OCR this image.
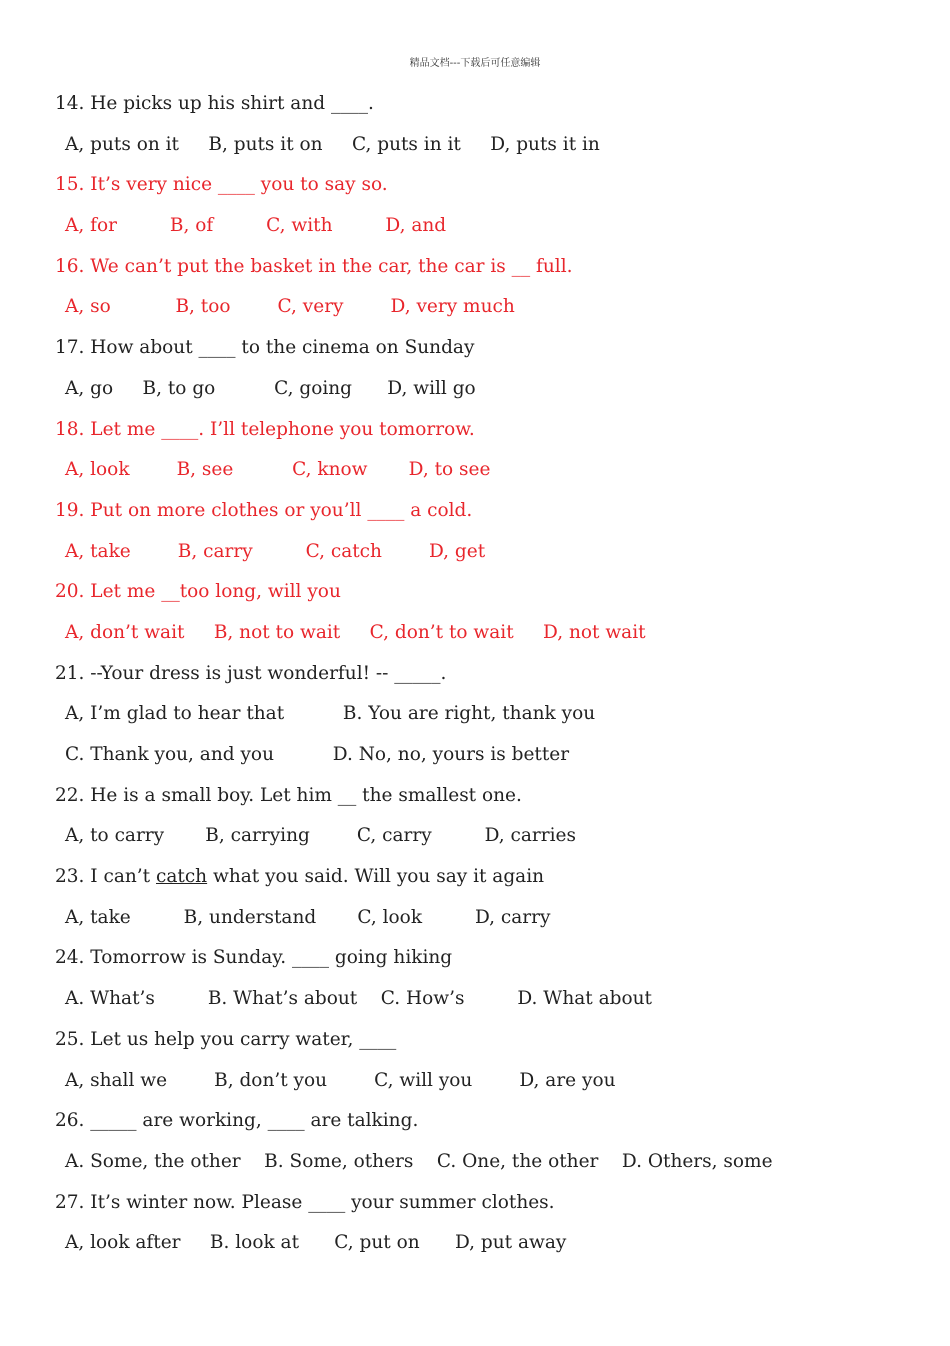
精品文档---下载后可任意编辑
14. He picks up his shirt and ____.
A, puts on it     B, puts it on     C, puts in it     D, puts it in
15. It’s very nice ____ you to say so.
A, for         B, of         C, with         D, and
16. We can’t put the basket in the car, the car is __ full.
A, so           B, too        C, very        D, very much
17. How about ____ to the cinema on Sunday
A, go     B, to go          C, going      D, will go
18. Let me ____. I’ll telephone you tomorrow.
A, look        B, see          C, know       D, to see
19. Put on more clothes or you’ll ____ a cold.
A, take        B, carry         C, catch        D, get
20. Let me __too long, will you
A, don’t wait     B, not to wait     C, don’t to wait     D, not wait
21. --Your dress is just wonderful! -- _____.
A, I’m glad to hear that          B. You are right, thank you
C. Thank you, and you          D. No, no, yours is better
22. He is a small boy. Let him __ the smallest one.
A, to carry       B, carrying        C, carry         D, carries
23. I can’t catch what you said. Will you say it again
A, take         B, understand       C, look         D, carry
24. Tomorrow is Sunday. ____ going hiking
A. What’s         B. What’s about    C. How’s         D. What about
25. Let us help you carry water, ____
A, shall we        B, don’t you        C, will you        D, are you
26. _____ are working, ____ are talking.
A. Some, the other    B. Some, others    C. One, the other    D. Others, some
27. It’s winter now. Please ____ your summer clothes.
A, look after     B. look at      C, put on      D, put away
